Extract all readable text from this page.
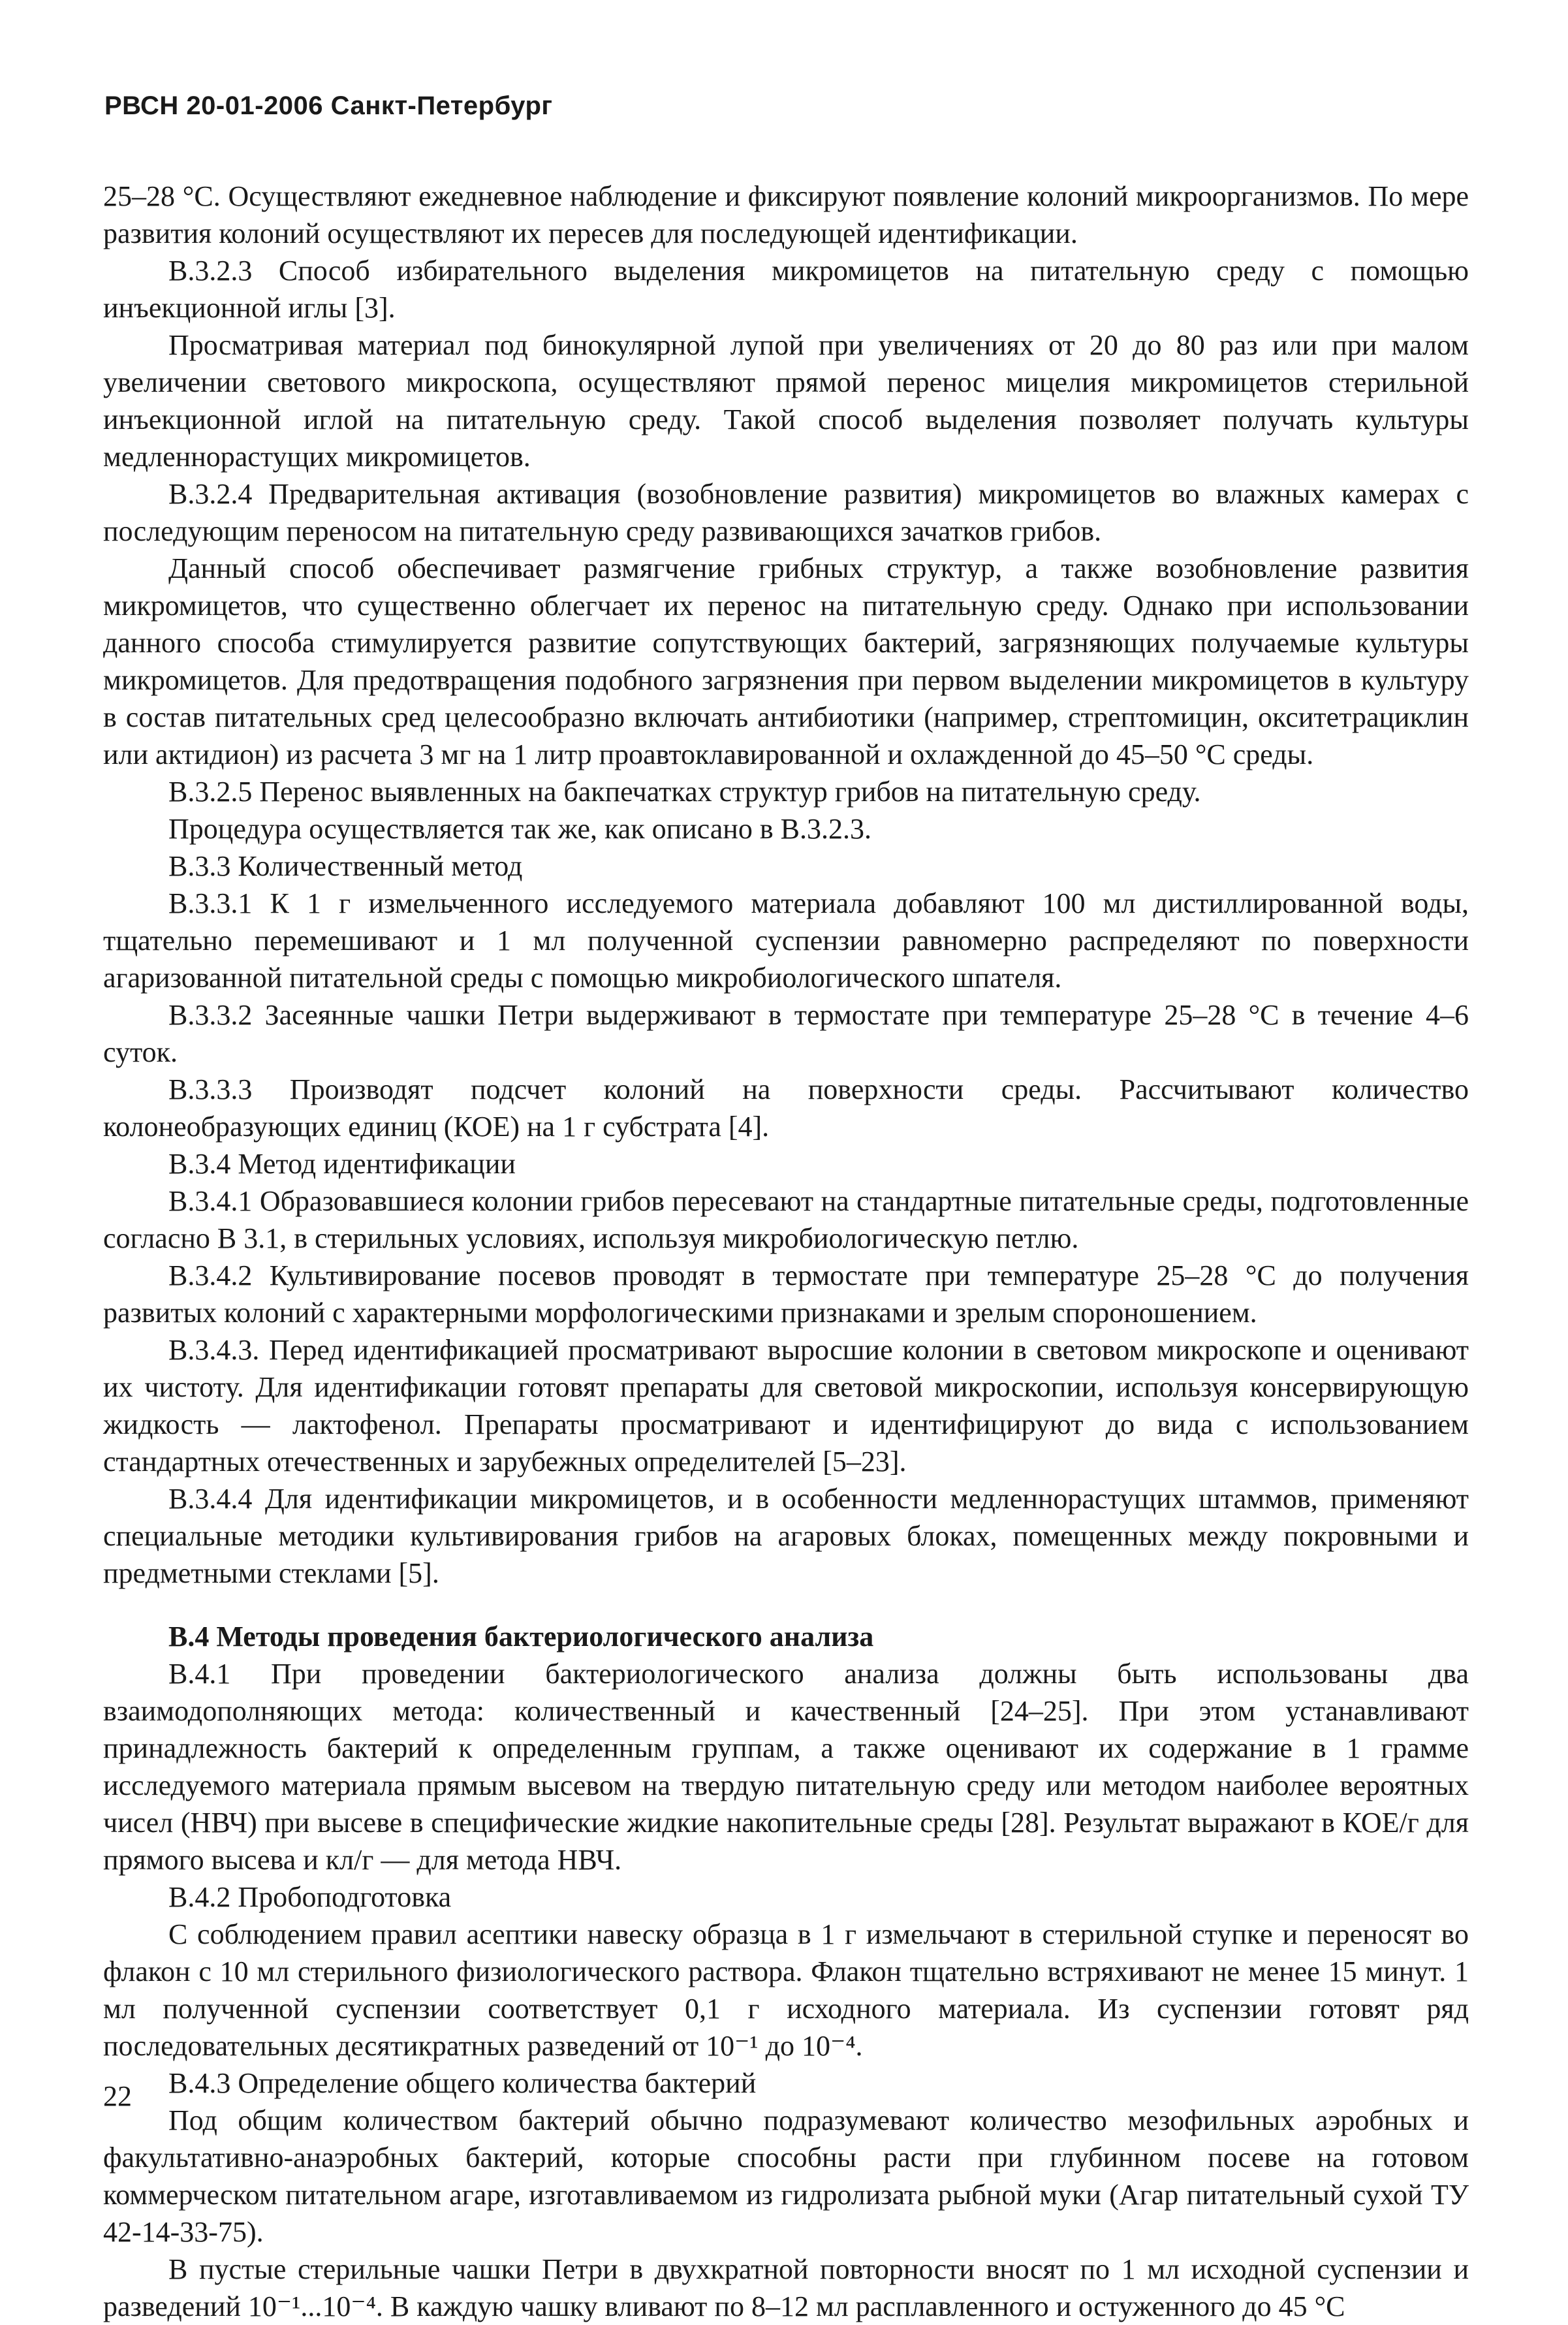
РВСН 20-01-2006 Санкт-Петербург

25–28 °С. Осуществляют ежедневное наблюдение и фиксируют появление колоний микроорганизмов. По мере развития колоний осуществляют их пересев для последующей идентификации.

В.3.2.3 Способ избирательного выделения микромицетов на питательную среду с помощью инъекционной иглы [3].

Просматривая материал под бинокулярной лупой при увеличениях от 20 до 80 раз или при малом увеличении светового микроскопа, осуществляют прямой перенос мицелия микромицетов стерильной инъекционной иглой на питательную среду. Такой способ выделения позволяет получать культуры медленнорастущих микромицетов.

В.3.2.4 Предварительная активация (возобновление развития) микромицетов во влажных камерах с последующим переносом на питательную среду развивающихся зачатков грибов.

Данный способ обеспечивает размягчение грибных структур, а также возобновление развития микромицетов, что существенно облегчает их перенос на питательную среду. Однако при использовании данного способа стимулируется развитие сопутствующих бактерий, загрязняющих получаемые культуры микромицетов. Для предотвращения подобного загрязнения при первом выделении микромицетов в культуру в состав питательных сред целесообразно включать антибиотики (например, стрептомицин, окситетрациклин или актидион) из расчета 3 мг на 1 литр проавтоклавированной и охлажденной до 45–50 °С среды.

В.3.2.5 Перенос выявленных на бакпечатках структур грибов на питательную среду.

Процедура осуществляется так же, как описано в В.3.2.3.

В.3.3 Количественный метод

В.3.3.1 К 1 г измельченного исследуемого материала добавляют 100 мл дистиллированной воды, тщательно перемешивают и 1 мл полученной суспензии равномерно распределяют по поверхности агаризованной питательной среды с помощью микробиологического шпателя.

В.3.3.2 Засеянные чашки Петри выдерживают в термостате при температуре 25–28 °С в течение 4–6 суток.

В.3.3.3 Производят подсчет колоний на поверхности среды. Рассчитывают количество колонеобразующих единиц (КОЕ) на 1 г субстрата [4].

В.3.4 Метод идентификации

В.3.4.1 Образовавшиеся колонии грибов пересевают на стандартные питательные среды, подготовленные согласно В 3.1, в стерильных условиях, используя микробиологическую петлю.

В.3.4.2 Культивирование посевов проводят в термостате при температуре 25–28 °С до получения развитых колоний с характерными морфологическими признаками и зрелым спороношением.

В.3.4.3. Перед идентификацией просматривают выросшие колонии в световом микроскопе и оценивают их чистоту. Для идентификации готовят препараты для световой микроскопии, используя консервирующую жидкость — лактофенол. Препараты просматривают и идентифицируют до вида с использованием стандартных отечественных и зарубежных определителей [5–23].

В.3.4.4 Для идентификации микромицетов, и в особенности медленнорастущих штаммов, применяют специальные методики культивирования грибов на агаровых блоках, помещенных между покровными и предметными стеклами [5].

В.4 Методы проведения бактериологического анализа

В.4.1 При проведении бактериологического анализа должны быть использованы два взаимодополняющих метода: количественный и качественный [24–25]. При этом устанавливают принадлежность бактерий к определенным группам, а также оценивают их содержание в 1 грамме исследуемого материала прямым высевом на твердую питательную среду или методом наиболее вероятных чисел (НВЧ) при высеве в специфические жидкие накопительные среды [28]. Результат выражают в КОЕ/г для прямого высева и кл/г — для метода НВЧ.

В.4.2 Пробоподготовка

С соблюдением правил асептики навеску образца в 1 г измельчают в стерильной ступке и переносят во флакон с 10 мл стерильного физиологического раствора. Флакон тщательно встряхивают не менее 15 минут. 1 мл полученной суспензии соответствует 0,1 г исходного материала. Из суспензии готовят ряд последовательных десятикратных разведений от 10⁻¹ до 10⁻⁴.

В.4.3 Определение общего количества бактерий

Под общим количеством бактерий обычно подразумевают количество мезофильных аэробных и факультативно-анаэробных бактерий, которые способны расти при глубинном посеве на готовом коммерческом питательном агаре, изготавливаемом из гидролизата рыбной муки (Агар питательный сухой ТУ 42-14-33-75).

В пустые стерильные чашки Петри в двухкратной повторности вносят по 1 мл исходной суспензии и разведений 10⁻¹...10⁻⁴. В каждую чашку вливают по 8–12 мл расплавленного и остуженного до 45 °С

22
